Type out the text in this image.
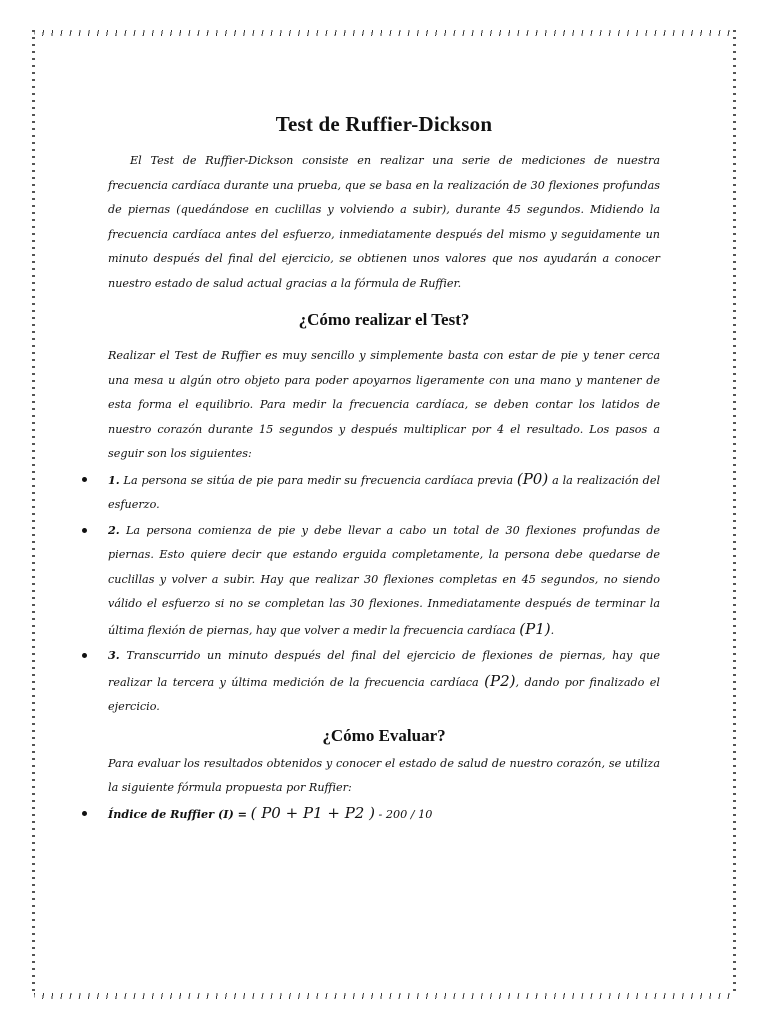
Test de Ruffier-Dickson

El Test de Ruffier-Dickson consiste en realizar una serie de mediciones de nuestra frecuencia cardíaca durante una prueba, que se basa en la realización de 30 flexiones profundas de piernas (quedándose en cuclillas y volviendo a subir), durante 45 segundos. Midiendo la frecuencia cardíaca antes del esfuerzo, inmediatamente después del mismo y seguidamente un minuto después del final del ejercicio, se obtienen unos valores que nos ayudarán a conocer nuestro estado de salud actual gracias a la fórmula de Ruffier.

¿Cómo realizar el Test?

Realizar el Test de Ruffier es muy sencillo y simplemente basta con estar de pie y tener cerca una mesa u algún otro objeto para poder apoyarnos ligeramente con una mano y mantener de esta forma el equilibrio. Para medir la frecuencia cardíaca, se deben contar los latidos de nuestro corazón durante 15 segundos y después multiplicar por 4 el resultado. Los pasos a seguir son los siguientes:

1. La persona se sitúa de pie para medir su frecuencia cardíaca previa (P0) a la realización del esfuerzo.
2. La persona comienza de pie y debe llevar a cabo un total de 30 flexiones profundas de piernas. Esto quiere decir que estando erguida completamente, la persona debe quedarse de cuclillas y volver a subir. Hay que realizar 30 flexiones completas en 45 segundos, no siendo válido el esfuerzo si no se completan las 30 flexiones. Inmediatamente después de terminar la última flexión de piernas, hay que volver a medir la frecuencia cardíaca (P1).
3. Transcurrido un minuto después del final del ejercicio de flexiones de piernas, hay que realizar la tercera y última medición de la frecuencia cardíaca (P2), dando por finalizado el ejercicio.
¿Cómo Evaluar?

Para evaluar los resultados obtenidos y conocer el estado de salud de nuestro corazón, se utiliza la siguiente fórmula propuesta por Ruffier:

Índice de Ruffier (I) = ( P0 + P1 + P2 ) - 200 / 10
